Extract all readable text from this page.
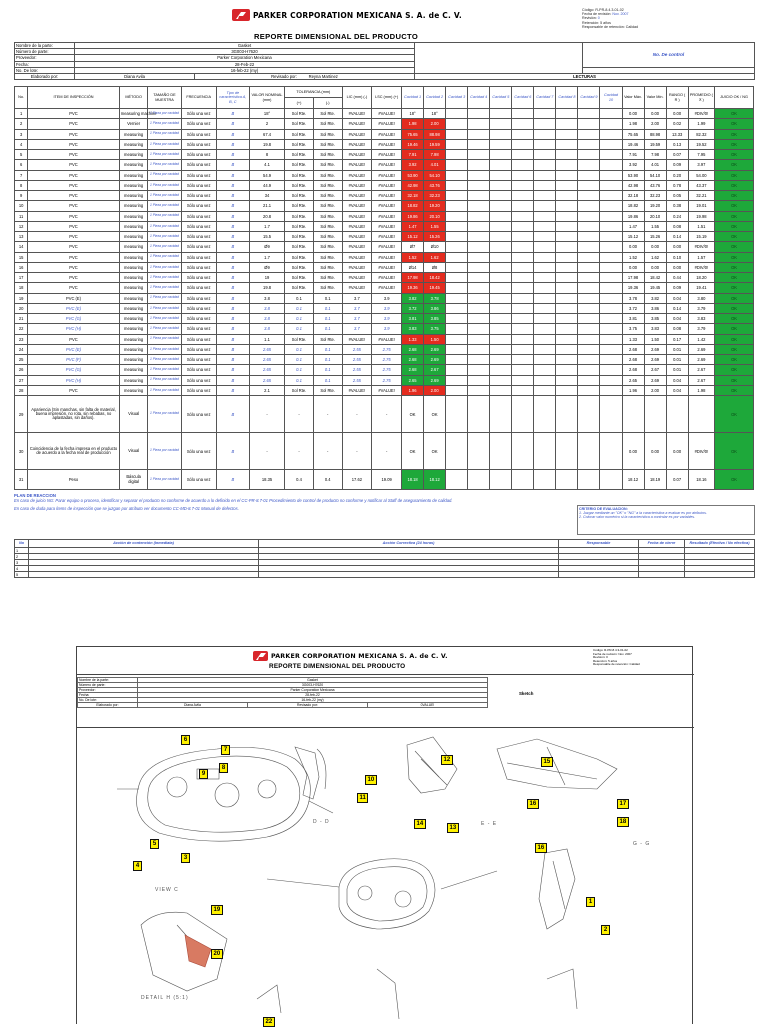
PARKER CORPORATION MEXICANA S. A. de C. V.
REPORTE DIMENSIONAL DEL PRODUCTO
Código: R-PR-8.4.3-01-02
Fecha de revisión: Nov. 2007
Revisión: 0
Retención: 5 años
Responsable de retención: Calidad
Nombre de la parte:	Gasket			No. De control
Número de parte:	3G003-H7620			
Proveedor:	Parker Corporation Mexicana			
Fecha:	28-Feb-22			
No. De lote:	16-feb-22 (my)			
Elaborado por:	Diana Avila	Revisado por: Reyna Martinez	LECTURAS	
No.	ITEM DE INSPECCIÓN	MÉTODO	TAMAÑO DE MUESTRA	FRECUENCIA	Tipo de característica A, B, C	VALOR NOMINAL (mm)	TOLERANCIA (mm)		LIC (mm) (-)	LSC (mm) (+)	Cavidad 1	Cavidad 2	Cavidad 3	Cavidad 4	Cavidad 5	Cavidad 6	Cavidad 7	Cavidad 8	Cavidad 9	Cavidad 10	Valor Máx.	Valor Mín.	RANGO ( R )	PROMEDIO ( X̄ )	JUICIO OK / NG
							(+)	(-)																	
1	PVC	measuring machine	1 Pieza por cavidad	Sólo una vez	B	18°	Sol Rte.	Sol Rte.	#VALUE!	#VALUE!	18°	18°									0.00	0.00	0.00	#DIV/0!	OK
2	PVC	Vernier	1 Pieza por cavidad	Sólo una vez	B	2	Sol Rte.	Sol Rte.	#VALUE!	#VALUE!	1.98	2.00									1.98	2.00	0.02	1.99	OK
3	PVC	measuring	1 Pieza por cavidad	Sólo una vez	B	67.4	Sol Rte.	Sol Rte.	#VALUE!	#VALUE!	75.65	88.98									75.65	88.98	13.33	82.32	OK
4	PVC	measuring	1 Pieza por cavidad	Sólo una vez	B	19.8	Sol Rte.	Sol Rte.	#VALUE!	#VALUE!	19.46	19.59									19.46	19.59	0.13	19.52	OK
5	PVC	measuring	1 Pieza por cavidad	Sólo una vez	B	8	Sol Rte.	Sol Rte.	#VALUE!	#VALUE!	7.91	7.98									7.91	7.98	0.07	7.95	OK
6	PVC	measuring	1 Pieza por cavidad	Sólo una vez	B	4.1	Sol Rte.	Sol Rte.	#VALUE!	#VALUE!	3.92	4.01									3.92	4.01	0.09	3.97	OK
7	PVC	measuring	1 Pieza por cavidad	Sólo una vez	B	54.9	Sol Rte.	Sol Rte.	#VALUE!	#VALUE!	53.90	54.10									53.90	54.10	0.20	54.00	OK
8	PVC	measuring	1 Pieza por cavidad	Sólo una vez	B	44.9	Sol Rte.	Sol Rte.	#VALUE!	#VALUE!	42.98	43.76									42.98	43.76	0.78	43.37	OK
9	PVC	measuring	1 Pieza por cavidad	Sólo una vez	B	34	Sol Rte.	Sol Rte.	#VALUE!	#VALUE!	32.18	32.23									32.18	32.23	0.05	32.21	OK
10	PVC	measuring	1 Pieza por cavidad	Sólo una vez	B	21.1	Sol Rte.	Sol Rte.	#VALUE!	#VALUE!	18.82	19.20									18.82	19.20	0.38	19.01	OK
11	PVC	measuring	1 Pieza por cavidad	Sólo una vez	B	20.8	Sol Rte.	Sol Rte.	#VALUE!	#VALUE!	19.86	20.10									19.86	20.10	0.24	19.98	OK
12	PVC	measuring	1 Pieza por cavidad	Sólo una vez	B	1.7	Sol Rte.	Sol Rte.	#VALUE!	#VALUE!	1.47	1.55									1.47	1.55	0.08	1.51	OK
13	PVC	measuring	1 Pieza por cavidad	Sólo una vez	B	15.5	Sol Rte.	Sol Rte.	#VALUE!	#VALUE!	15.12	15.26									15.12	15.26	0.14	15.19	OK
14	PVC	measuring	1 Pieza por cavidad	Sólo una vez	B	Ø9	Sol Rte.	Sol Rte.	#VALUE!	#VALUE!	Ø7	Ø10									0.00	0.00	0.00	#DIV/0!	OK
15	PVC	measuring	1 Pieza por cavidad	Sólo una vez	B	1.7	Sol Rte.	Sol Rte.	#VALUE!	#VALUE!	1.52	1.62									1.52	1.62	0.10	1.57	OK
16	PVC	measuring	1 Pieza por cavidad	Sólo una vez	B	Ø9	Sol Rte.	Sol Rte.	#VALUE!	#VALUE!	Ø14	Ø8									0.00	0.00	0.00	#DIV/0!	OK
17	PVC	measuring	1 Pieza por cavidad	Sólo una vez	B	19	Sol Rte.	Sol Rte.	#VALUE!	#VALUE!	17.98	18.42									17.98	18.42	0.44	18.20	OK
18	PVC	measuring	1 Pieza por cavidad	Sólo una vez	B	19.8	Sol Rte.	Sol Rte.	#VALUE!	#VALUE!	19.36	19.45									19.36	19.45	0.09	19.41	OK
19	PVC (E)	measuring	1 Pieza por cavidad	Sólo una vez	B	3.8	0.1	0.1	3.7	3.9	3.82	3.78									3.78	3.82	0.04	3.80	OK
20	PVC (E)	measuring	1 Pieza por cavidad	Sólo una vez	B	3.8	0.1	0.1	3.7	3.9	3.72	3.86									3.72	3.86	0.14	3.79	OK
21	PVC (G)	measuring	1 Pieza por cavidad	Sólo una vez	B	3.8	0.1	0.1	3.7	3.9	3.81	3.85									3.81	3.85	0.04	3.83	OK
22	PVC (H)	measuring	1 Pieza por cavidad	Sólo una vez	B	3.8	0.1	0.1	3.7	3.9	3.83	3.75									3.75	3.83	0.08	3.79	OK
23	PVC	measuring	1 Pieza por cavidad	Sólo una vez	B	1.1	Sol Rte.	Sol Rte.	#VALUE!	#VALUE!	1.33	1.50									1.33	1.50	0.17	1.42	OK
24	PVC (E)	measuring	1 Pieza por cavidad	Sólo una vez	B	2.65	0.1	0.1	2.55	2.75	2.68	2.69									2.68	2.69	0.01	2.69	OK
25	PVC (F)	measuring	1 Pieza por cavidad	Sólo una vez	B	2.65	0.1	0.1	2.55	2.75	2.68	2.69									2.68	2.69	0.01	2.69	OK
26	PVC (G)	measuring	1 Pieza por cavidad	Sólo una vez	B	2.65	0.1	0.1	2.55	2.75	2.68	2.67									2.68	2.67	0.01	2.67	OK
27	PVC (H)	measuring	1 Pieza por cavidad	Sólo una vez	B	2.65	0.1	0.1	2.55	2.75	2.65	2.69									2.65	2.69	0.04	2.67	OK
28	PVC	measuring	1 Pieza por cavidad	Sólo una vez	B	2.1	Sol Rte.	Sol Rte.	#VALUE!	#VALUE!	1.96	2.00									1.96	2.00	0.04	1.98	OK
29	Apariencia (Sin manchas, sin falta de material, buena impresión, no rota, sin rebabas, no aplastadas, sin daños).	Visual	1 Pieza por cavidad	Sólo una vez	B	-	-	-	-	-	OK	OK													OK
30	Coincidencia de la fecha impresa en el producto de acuerdo a la fecha real de producción	Visual	1 Pieza por cavidad	Sólo una vez	B	-	-	-	-	-	OK	OK									0.00	0.00	0.00	#DIV/0!	OK
31	Peso	Báscula digital	1 Pieza por cavidad	Sólo una vez	B	18.35	0.4	0.4	17.62	19.09	18.18	18.12									18.12	18.19	0.07	18.16	OK
PLAN DE REACCION
En caso de juicio NG: Parar equipo o proceso, identificar y separar el producto no conforme de acuerdo a lo definido en el CC-PR-8.7-01 Procedimiento de control de producto no conforme y notificar al Staff de aseguramiento de calidad.
En caso de duda para ítems de inspección que se juzgan por atributo ver documento CC-MD-8.7-01 Manual de defectos.	CRITERIO DE EVALUACION:
1. Juzgar mediante un "OK" o "NG" a la característica a evaluar es por atributos.
2. Colocar valor numérico si la característica a controlar es por variables.
No	Acción de contención (Inmediata)	Acción Correctiva (24 horas)	Responsable	Fecha de cierre	Resultado (Efectiva / No efectiva)
1					
2					
3					
4					
5					
PARKER CORPORATION MEXICANA S. A. de C. V.
REPORTE DIMENSIONAL DEL PRODUCTO
Código: R-PR-8.4.3-01-02
Fecha de revisión: Nov. 2007
Revisión: 0
Retención: 5 años
Responsable de retención: Calidad
Nombre de la parte:	Gasket		
Número de parte:	3G003-H7620		
Proveedor:	Parker Corporation Mexicana		
Fecha:	28-feb-22		
No. De lote:	16-feb-22 (my)		
Elaborado por:	Diana Avila	Revisado por:	0VALUE!
Sketch
6
7
8
9
10
11
12
13
14
15
16	17
18
5
3
4
16
19
20
1
2
22
VIEW C
D - D	E - E
G - G
DETAIL H (5:1)
